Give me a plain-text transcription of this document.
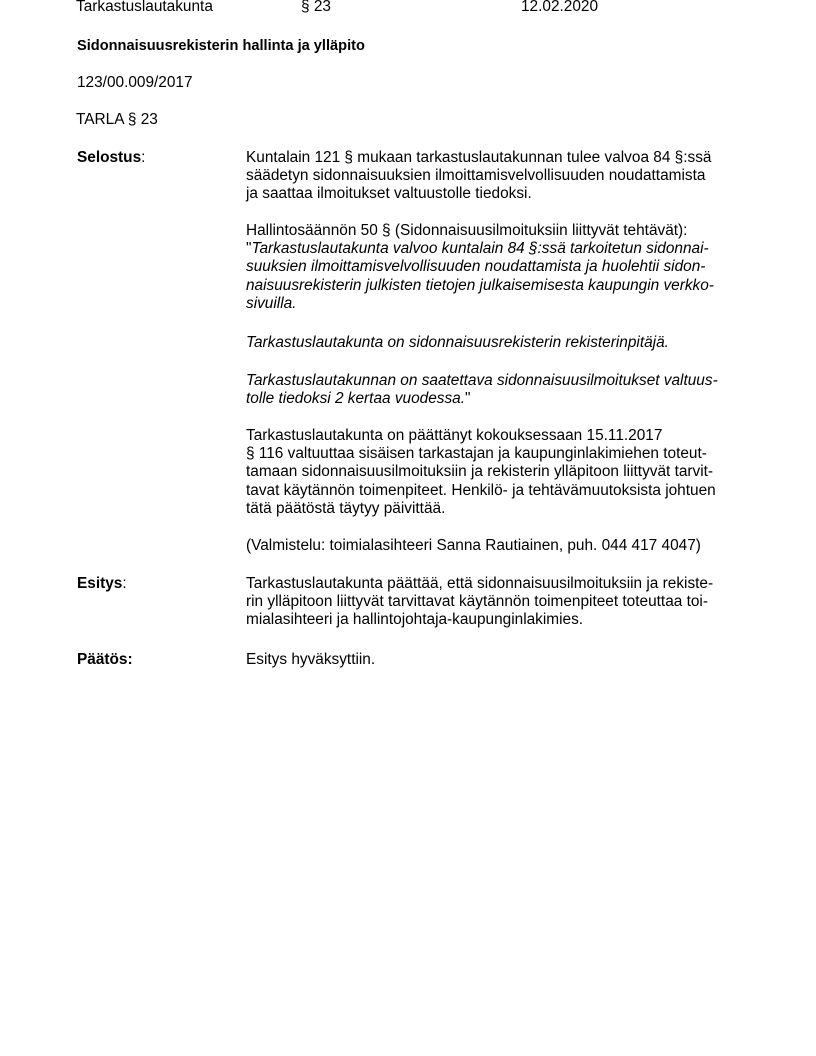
Tarkastuslautakunta	§ 23	12.02.2020
Sidonnaisuusrekisterin hallinta ja ylläpito
123/00.009/2017
TARLA § 23
Selostus:	Kuntalain 121 § mukaan tarkastuslautakunnan tulee valvoa 84 §:ssä
säädetyn sidonnaisuuksien ilmoittamisvelvollisuuden noudattamista
ja saattaa ilmoitukset valtuustolle tiedoksi.
Hallintosäännön 50 § (Sidonnaisuusilmoituksiin liittyvät tehtävät):
"Tarkastuslautakunta valvoo kuntalain 84 §:ssä tarkoitetun sidonnai-
suuksien ilmoittamisvelvollisuuden noudattamista ja huolehtii sidon-
naisuusrekisterin julkisten tietojen julkaisemisesta kaupungin verkko-
sivuilla.
Tarkastuslautakunta on sidonnaisuusrekisterin rekisterinpitäjä.
Tarkastuslautakunnan on saatettava sidonnaisuusilmoitukset valtuus-
tolle tiedoksi 2 kertaa vuodessa."
Tarkastuslautakunta on päättänyt kokouksessaan 15.11.2017
§ 116 valtuuttaa sisäisen tarkastajan ja kaupunginlakimiehen toteut-
tamaan sidonnaisuusilmoituksiin ja rekisterin ylläpitoon liittyvät tarvit-
tavat käytännön toimenpiteet. Henkilö- ja tehtävämuutoksista johtuen
tätä päätöstä täytyy päivittää.
(Valmistelu: toimialasihteeri Sanna Rautiainen, puh. 044 417 4047)
Esitys:	Tarkastuslautakunta päättää, että sidonnaisuusilmoituksiin ja rekiste-
rin ylläpitoon liittyvät tarvittavat käytännön toimenpiteet toteuttaa toi-
mialasihteeri ja hallintojohtaja-kaupunginlakimies.
Päätös:	Esitys hyväksyttiin.
